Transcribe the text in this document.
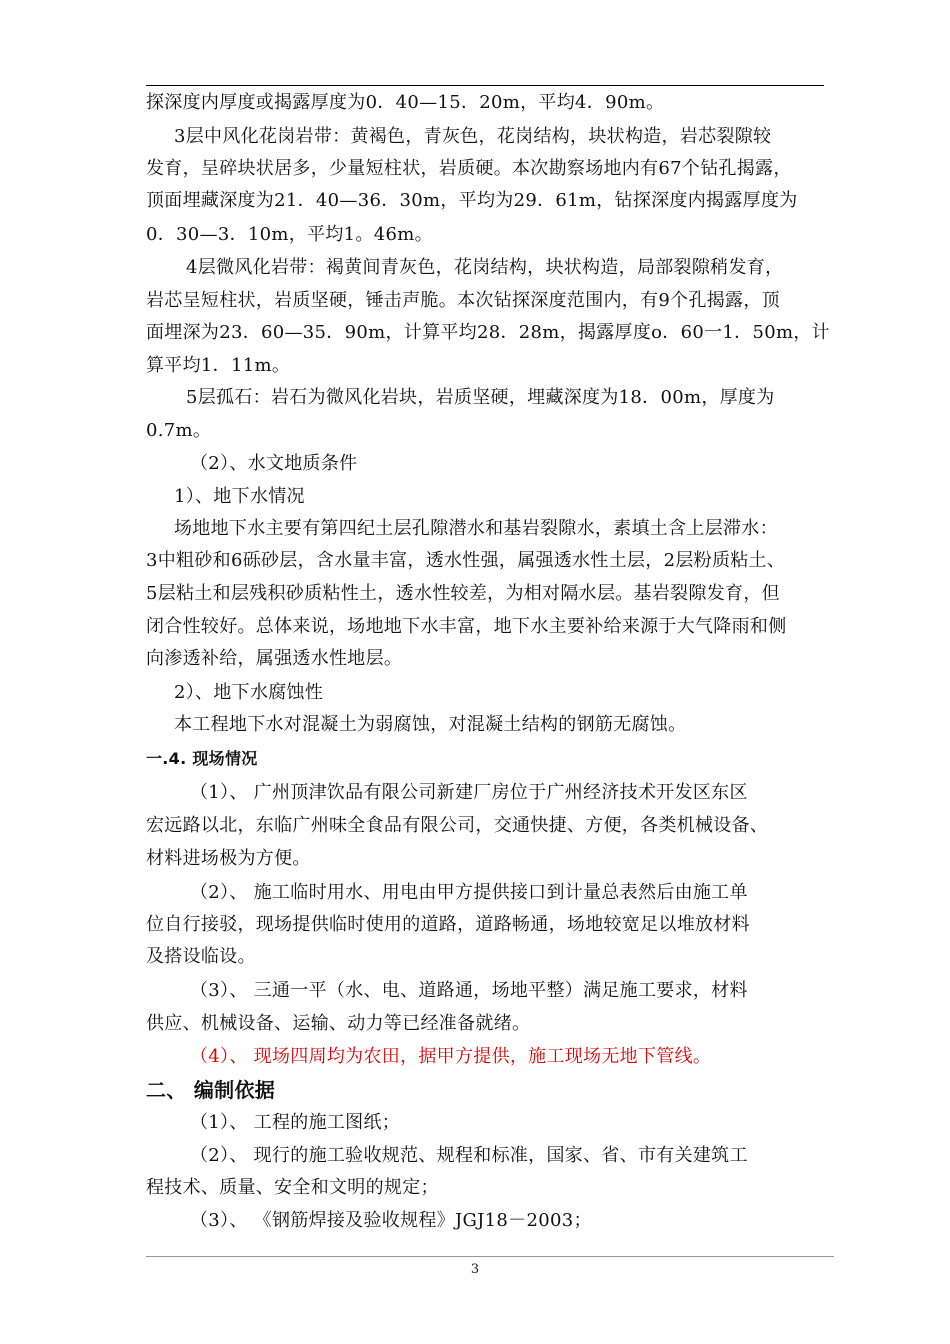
探深度内厚度或揭露厚度为0．40—15．20m，平均4．90m。
3层中风化花岗岩带：黄褐色，青灰色，花岗结构，块状构造，岩芯裂隙较
发育，呈碎块状居多，少量短柱状，岩质硬。本次勘察场地内有67个钻孔揭露，
顶面埋藏深度为21．40—36．30m，平均为29．61m，钻探深度内揭露厚度为
0．30—3．10m，平均1。46m。
4层微风化岩带：褐黄间青灰色，花岗结构，块状构造，局部裂隙稍发育，
岩芯呈短柱状，岩质坚硬，锤击声脆。本次钻探深度范围内，有9个孔揭露，顶
面埋深为23．60—35．90m，计算平均28．28m，揭露厚度o．60一1．50m，计
算平均1．11m。
5层孤石：岩石为微风化岩块，岩质坚硬，埋藏深度为18．00m，厚度为
0.7m。
（2）、水文地质条件
1）、地下水情况
场地地下水主要有第四纪土层孔隙潜水和基岩裂隙水，素填土含上层滞水：
3中粗砂和6砾砂层，含水量丰富，透水性强，属强透水性土层，2层粉质粘土、
5层粘土和层残积砂质粘性土，透水性较差，为相对隔水层。基岩裂隙发育，但
闭合性较好。总体来说，场地地下水丰富，地下水主要补给来源于大气降雨和侧
向渗透补给，属强透水性地层。
2）、地下水腐蚀性
本工程地下水对混凝土为弱腐蚀，对混凝土结构的钢筋无腐蚀。
一.4. 现场情况
（1）、 广州顶津饮品有限公司新建厂房位于广州经济技术开发区东区
宏远路以北，东临广州味全食品有限公司，交通快捷、方便，各类机械设备、
材料进场极为方便。
（2）、 施工临时用水、用电由甲方提供接口到计量总表然后由施工单
位自行接驳，现场提供临时使用的道路，道路畅通，场地较宽足以堆放材料
及搭设临设。
（3）、 三通一平（水、电、道路通，场地平整）满足施工要求，材料
供应、机械设备、运输、动力等已经准备就绪。
（4）、 现场四周均为农田，据甲方提供，施工现场无地下管线。
二、 编制依据
（1）、 工程的施工图纸；
（2）、 现行的施工验收规范、规程和标准，国家、省、市有关建筑工
程技术、质量、安全和文明的规定；
（3）、 《钢筋焊接及验收规程》JGJ18－2003；
3
